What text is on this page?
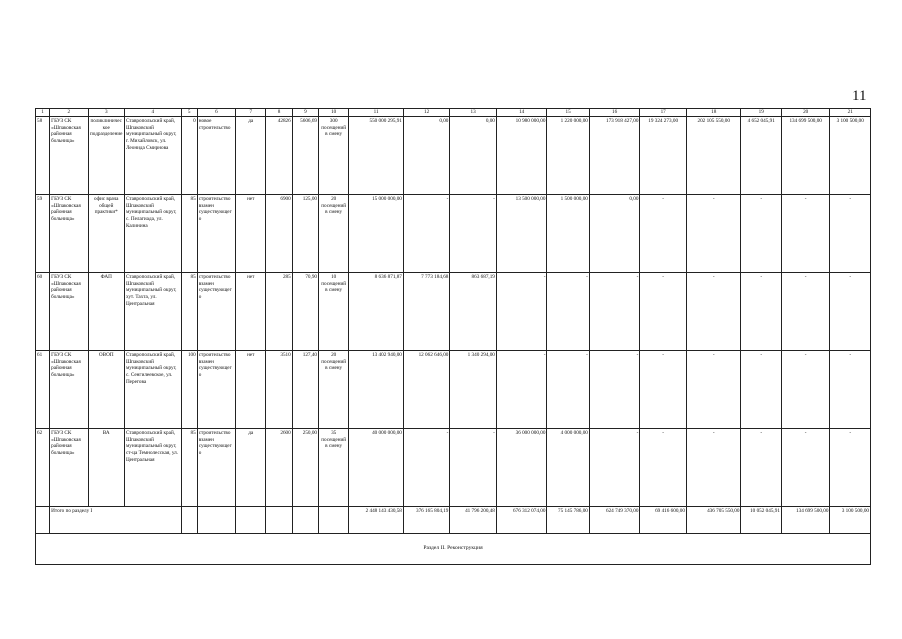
11
1	2	3	4	5	6	7	8	9	10	11	12	13	14	15	16	17	18	19	20	21
58	ГБУЗ СК «Шпаковская районная больница»	поликлиническое подразделение	Ставропольский край, Шпаковский муниципальный округ, г. Михайловск, ул. Леонида Смирнова	0	новое строительство	да	42826	5606,69	300 посещений в смену	550 000 295,91	0,00	0,00	10 980 000,00	1 220 000,00	173 918 427,00	19 324 273,00	202 105 550,00	4 652 045,91	134 699 500,00	3 100 500,00
59	ГБУЗ СК «Шпаковская районная больница»	офис врача общей практики*	Ставропольский край, Шпаковский муниципальный округ, с. Пелагиада, ул. Калинина	85	строительство взамен существующего	нет	6900	125,00	20 посещений в смену	15 000 000,00	-	-	13 500 000,00	1 500 000,00	0,00	-	-	-	-	-
60	ГБУЗ СК «Шпаковская районная больница»	ФАП	Ставропольский край, Шпаковский муниципальный округ, хут. Тахта, ул. Центральная	85	строительство взамен существующего	нет	285	70,90	10 посещений в смену	8 636 871,87	7 773 184,68	863 687,19	-	-	-	-	-	-	-	-
61	ГБУЗ СК «Шпаковская районная больница»	ОВОП	Ставропольский край, Шпаковский муниципальный округ, с. Сенгилеевское, ул. Перегова	100	строительство взамен существующего	нет	3510	127,40	20 посещений в смену	13 402 940,00	12 062 646,00	1 340 294,00	-	-	-	-	-	-	-	-
62	ГБУЗ СК «Шпаковская районная больница»	ВА	Ставропольский край, Шпаковский муниципальный округ, ст-ца Темнолесская, ул. Центральная	85	строительство взамен существующего	да	2600	250,00	35 посещений в смену	40 000 000,00	-	-	36 000 000,00	4 000 000,00	-	-	-	-	-	-
	Итого по разделу I									2 448 143 430,58	376 165 804,19	41 796 200,48	676 312 074,00	75 145 786,00	624 749 370,00	69 416 600,00	436 705 550,00	10 052 045,91	134 699 500,00	3 100 500,00
Раздел II. Реконструкция																				
